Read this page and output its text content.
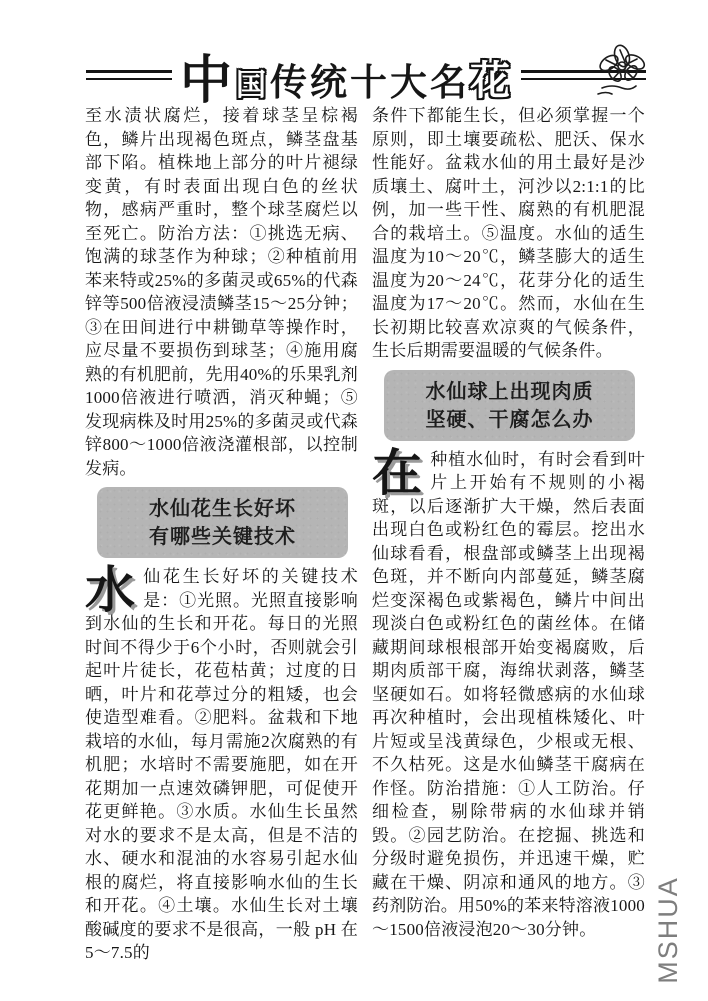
中 国 传统十大名 花

至水渍状腐烂，接着球茎呈棕褐色，鳞片出现褐色斑点，鳞茎盘基部下陷。植株地上部分的叶片褪绿变黄，有时表面出现白色的丝状物，感病严重时，整个球茎腐烂以至死亡。防治方法：①挑选无病、饱满的球茎作为种球；②种植前用苯来特或25%的多菌灵或65%的代森锌等500倍液浸渍鳞茎15～25分钟；③在田间进行中耕锄草等操作时，应尽量不要损伤到球茎；④施用腐熟的有机肥前，先用40%的乐果乳剂1000倍液进行喷洒，消灭种蝇；⑤发现病株及时用25%的多菌灵或代森锌800～1000倍液浇灌根部，以控制发病。

水仙花生长好坏
有哪些关键技术

水仙花生长好坏的关键技术是：①光照。光照直接影响到水仙的生长和开花。每日的光照时间不得少于6个小时，否则就会引起叶片徒长，花苞枯黄；过度的日晒，叶片和花葶过分的粗矮，也会使造型难看。②肥料。盆栽和下地栽培的水仙，每月需施2次腐熟的有机肥；水培时不需要施肥，如在开花期加一点速效磷钾肥，可促使开花更鲜艳。③水质。水仙生长虽然对水的要求不是太高，但是不洁的水、硬水和混油的水容易引起水仙根的腐烂，将直接影响水仙的生长和开花。④土壤。水仙生长对土壤酸碱度的要求不是很高，一般 pH 在5～7.5的

条件下都能生长，但必须掌握一个原则，即土壤要疏松、肥沃、保水性能好。盆栽水仙的用土最好是沙质壤土、腐叶土，河沙以2:1:1的比例，加一些干性、腐熟的有机肥混合的栽培土。⑤温度。水仙的适生温度为10～20℃，鳞茎膨大的适生温度为20～24℃，花芽分化的适生温度为17～20℃。然而，水仙在生长初期比较喜欢凉爽的气候条件，生长后期需要温暖的气候条件。

水仙球上出现肉质
坚硬、干腐怎么办

在种植水仙时，有时会看到叶片上开始有不规则的小褐斑，以后逐渐扩大干燥，然后表面出现白色或粉红色的霉层。挖出水仙球看看，根盘部或鳞茎上出现褐色斑，并不断向内部蔓延，鳞茎腐烂变深褐色或紫褐色，鳞片中间出现淡白色或粉红色的菌丝体。在储藏期间球根根部开始变褐腐败，后期肉质部干腐，海绵状剥落，鳞茎坚硬如石。如将轻微感病的水仙球再次种植时，会出现植株矮化、叶片短或呈浅黄绿色，少根或无根、不久枯死。这是水仙鳞茎干腐病在作怪。防治措施：①人工防治。仔细检查，剔除带病的水仙球并销毁。②园艺防治。在挖掘、挑选和分级时避免损伤，并迅速干燥，贮藏在干燥、阴凉和通风的地方。③药剂防治。用50%的苯来特溶液1000～1500倍液浸泡20～30分钟。	MSHUA
